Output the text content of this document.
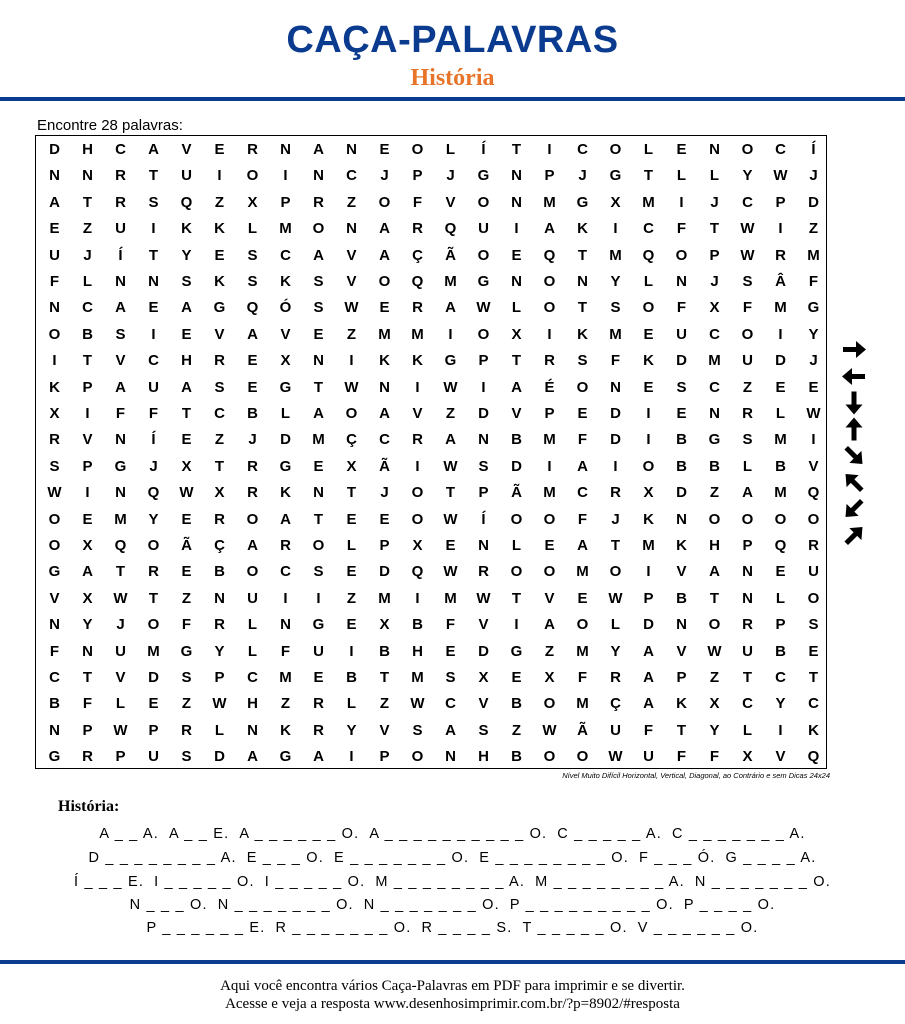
CAÇA-PALAVRAS
História
Encontre 28 palavras:
D	H	C	A	V	E	R	N	A	N	E	O	L	Í	T	I	C	O	L	E	N	O	C	Í
N	N	R	T	U	I	O	I	N	C	J	P	J	G	N	P	J	G	T	L	L	Y	W	J
A	T	R	S	Q	Z	X	P	R	Z	O	F	V	O	N	M	G	X	M	I	J	C	P	D
E	Z	U	I	K	K	L	M	O	N	A	R	Q	U	I	A	K	I	C	F	T	W	I	Z
U	J	Í	T	Y	E	S	C	A	V	A	Ç	Ã	O	E	Q	T	M	Q	O	P	W	R	M
F	L	N	N	S	K	S	K	S	V	O	Q	M	G	N	O	N	Y	L	N	J	S	Â	F
N	C	A	E	A	G	Q	Ó	S	W	E	R	A	W	L	O	T	S	O	F	X	F	M	G
O	B	S	I	E	V	A	V	E	Z	M	M	I	O	X	I	K	M	E	U	C	O	I	Y
I	T	V	C	H	R	E	X	N	I	K	K	G	P	T	R	S	F	K	D	M	U	D	J
K	P	A	U	A	S	E	G	T	W	N	I	W	I	A	É	O	N	E	S	C	Z	E	E
X	I	F	F	T	C	B	L	A	O	A	V	Z	D	V	P	E	D	I	E	N	R	L	W
R	V	N	Í	E	Z	J	D	M	Ç	C	R	A	N	B	M	F	D	I	B	G	S	M	I
S	P	G	J	X	T	R	G	E	X	Ã	I	W	S	D	I	A	I	O	B	B	L	B	V
W	I	N	Q	W	X	R	K	N	T	J	O	T	P	Ã	M	C	R	X	D	Z	A	M	Q
O	E	M	Y	E	R	O	A	T	E	E	O	W	Í	O	O	F	J	K	N	O	O	O	O
O	X	Q	O	Ã	Ç	A	R	O	L	P	X	E	N	L	E	A	T	M	K	H	P	Q	R
G	A	T	R	E	B	O	C	S	E	D	Q	W	R	O	O	M	O	I	V	A	N	E	U
V	X	W	T	Z	N	U	I	I	Z	M	I	M	W	T	V	E	W	P	B	T	N	L	O
N	Y	J	O	F	R	L	N	G	E	X	B	F	V	I	A	O	L	D	N	O	R	P	S
F	N	U	M	G	Y	L	F	U	I	B	H	E	D	G	Z	M	Y	A	V	W	U	B	E
C	T	V	D	S	P	C	M	E	B	T	M	S	X	E	X	F	R	A	P	Z	T	C	T
B	F	L	E	Z	W	H	Z	R	L	Z	W	C	V	B	O	M	Ç	A	K	X	C	Y	C
N	P	W	P	R	L	N	K	R	Y	V	S	A	S	Z	W	Ã	U	F	T	Y	L	I	K
G	R	P	U	S	D	A	G	A	I	P	O	N	H	B	O	O	W	U	F	F	X	V	Q
Nível Muito Difícil Horizontal, Vertical, Diagonal, ao Contrário e sem Dicas 24x24
História:
A _ _ A. A _ _ E. A _ _ _ _ _ _ O. A _ _ _ _ _ _ _ _ _ _ O. C _ _ _ _ _ A. C _ _ _ _ _ _ _ A.
D _ _ _ _ _ _ _ _ A. E _ _ _ O. E _ _ _ _ _ _ _ O. E _ _ _ _ _ _ _ _ O. F _ _ _ Ó. G _ _ _ _ A.
Í _ _ _ E. I _ _ _ _ _ O. I _ _ _ _ _ O. M _ _ _ _ _ _ _ _ A. M _ _ _ _ _ _ _ _ A. N _ _ _ _ _ _ _ O.
N _ _ _ O. N _ _ _ _ _ _ _ O. N _ _ _ _ _ _ _ O. P _ _ _ _ _ _ _ _ _ O. P _ _ _ _ O.
P _ _ _ _ _ _ E. R _ _ _ _ _ _ _ O. R _ _ _ _ S. T _ _ _ _ _ O. V _ _ _ _ _ _ O.
Aqui você encontra vários Caça-Palavras em PDF para imprimir e se divertir.
Acesse e veja a resposta www.desenhosimprimir.com.br/?p=8902/#resposta
